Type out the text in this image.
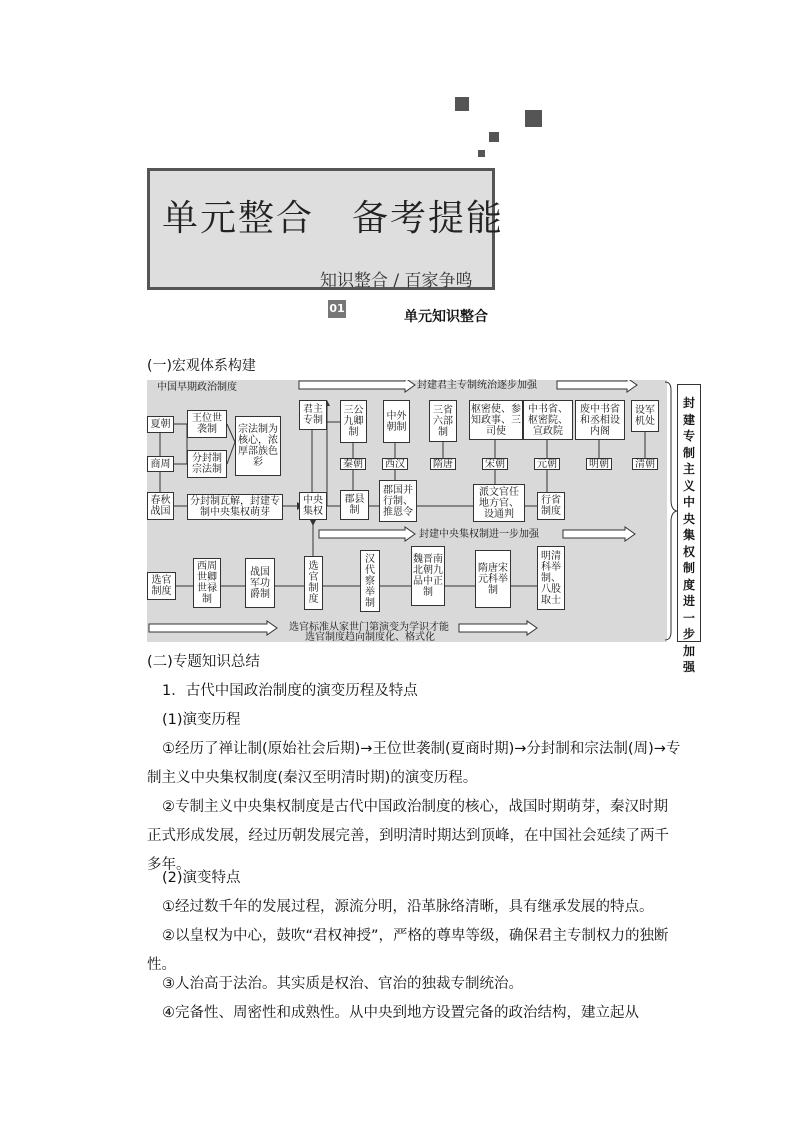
单元整合　备考提能
知识整合 / 百家争鸣
01
单元知识整合
(一)宏观体系构建
中国早期政治制度	封建君主专制统治逐步加强
封建中央集权制进一步加强
选官标准从家世门第演变为学识才能
选官制度趋向制度化、格式化
夏朝
商周
春秋战国
王位世袭制
分封制宗法制
宗法制为核心，浓厚部族色彩
分封制瓦解，封建专制中央集权萌芽
君主专制
中央集权
三公九卿制
中外朝制
三省六部制
枢密使、参知政事、三司使
中书省、枢密院、宣政院
废中书省和丞相设内阁
设军机处
秦朝	西汉	隋唐	宋朝	元朝	明朝	清朝
郡县制
郡国并行制、推恩令
派文官任地方官、设通判
行省制度
选官制度
西周世卿世禄制
战国军功爵制
选官制度
汉代察举制
魏晋南北朝九品中正制
隋唐宋元科举制
明清科举制、八股取士
封建专制主义中央集权制度进一步加强
(二)专题知识总结
1．古代中国政治制度的演变历程及特点
(1)演变历程
①经历了禅让制(原始社会后期)→王位世袭制(夏商时期)→分封制和宗法制(周)→专制主义中央集权制度(秦汉至明清时期)的演变历程。
②专制主义中央集权制度是古代中国政治制度的核心，战国时期萌芽，秦汉时期正式形成发展，经过历朝发展完善，到明清时期达到顶峰，在中国社会延续了两千多年。
(2)演变特点
①经过数千年的发展过程，源流分明，沿革脉络清晰，具有继承发展的特点。
②以皇权为中心，鼓吹“君权神授”，严格的尊卑等级，确保君主专制权力的独断性。
③人治高于法治。其实质是权治、官治的独裁专制统治。
④完备性、周密性和成熟性。从中央到地方设置完备的政治结构，建立起从
